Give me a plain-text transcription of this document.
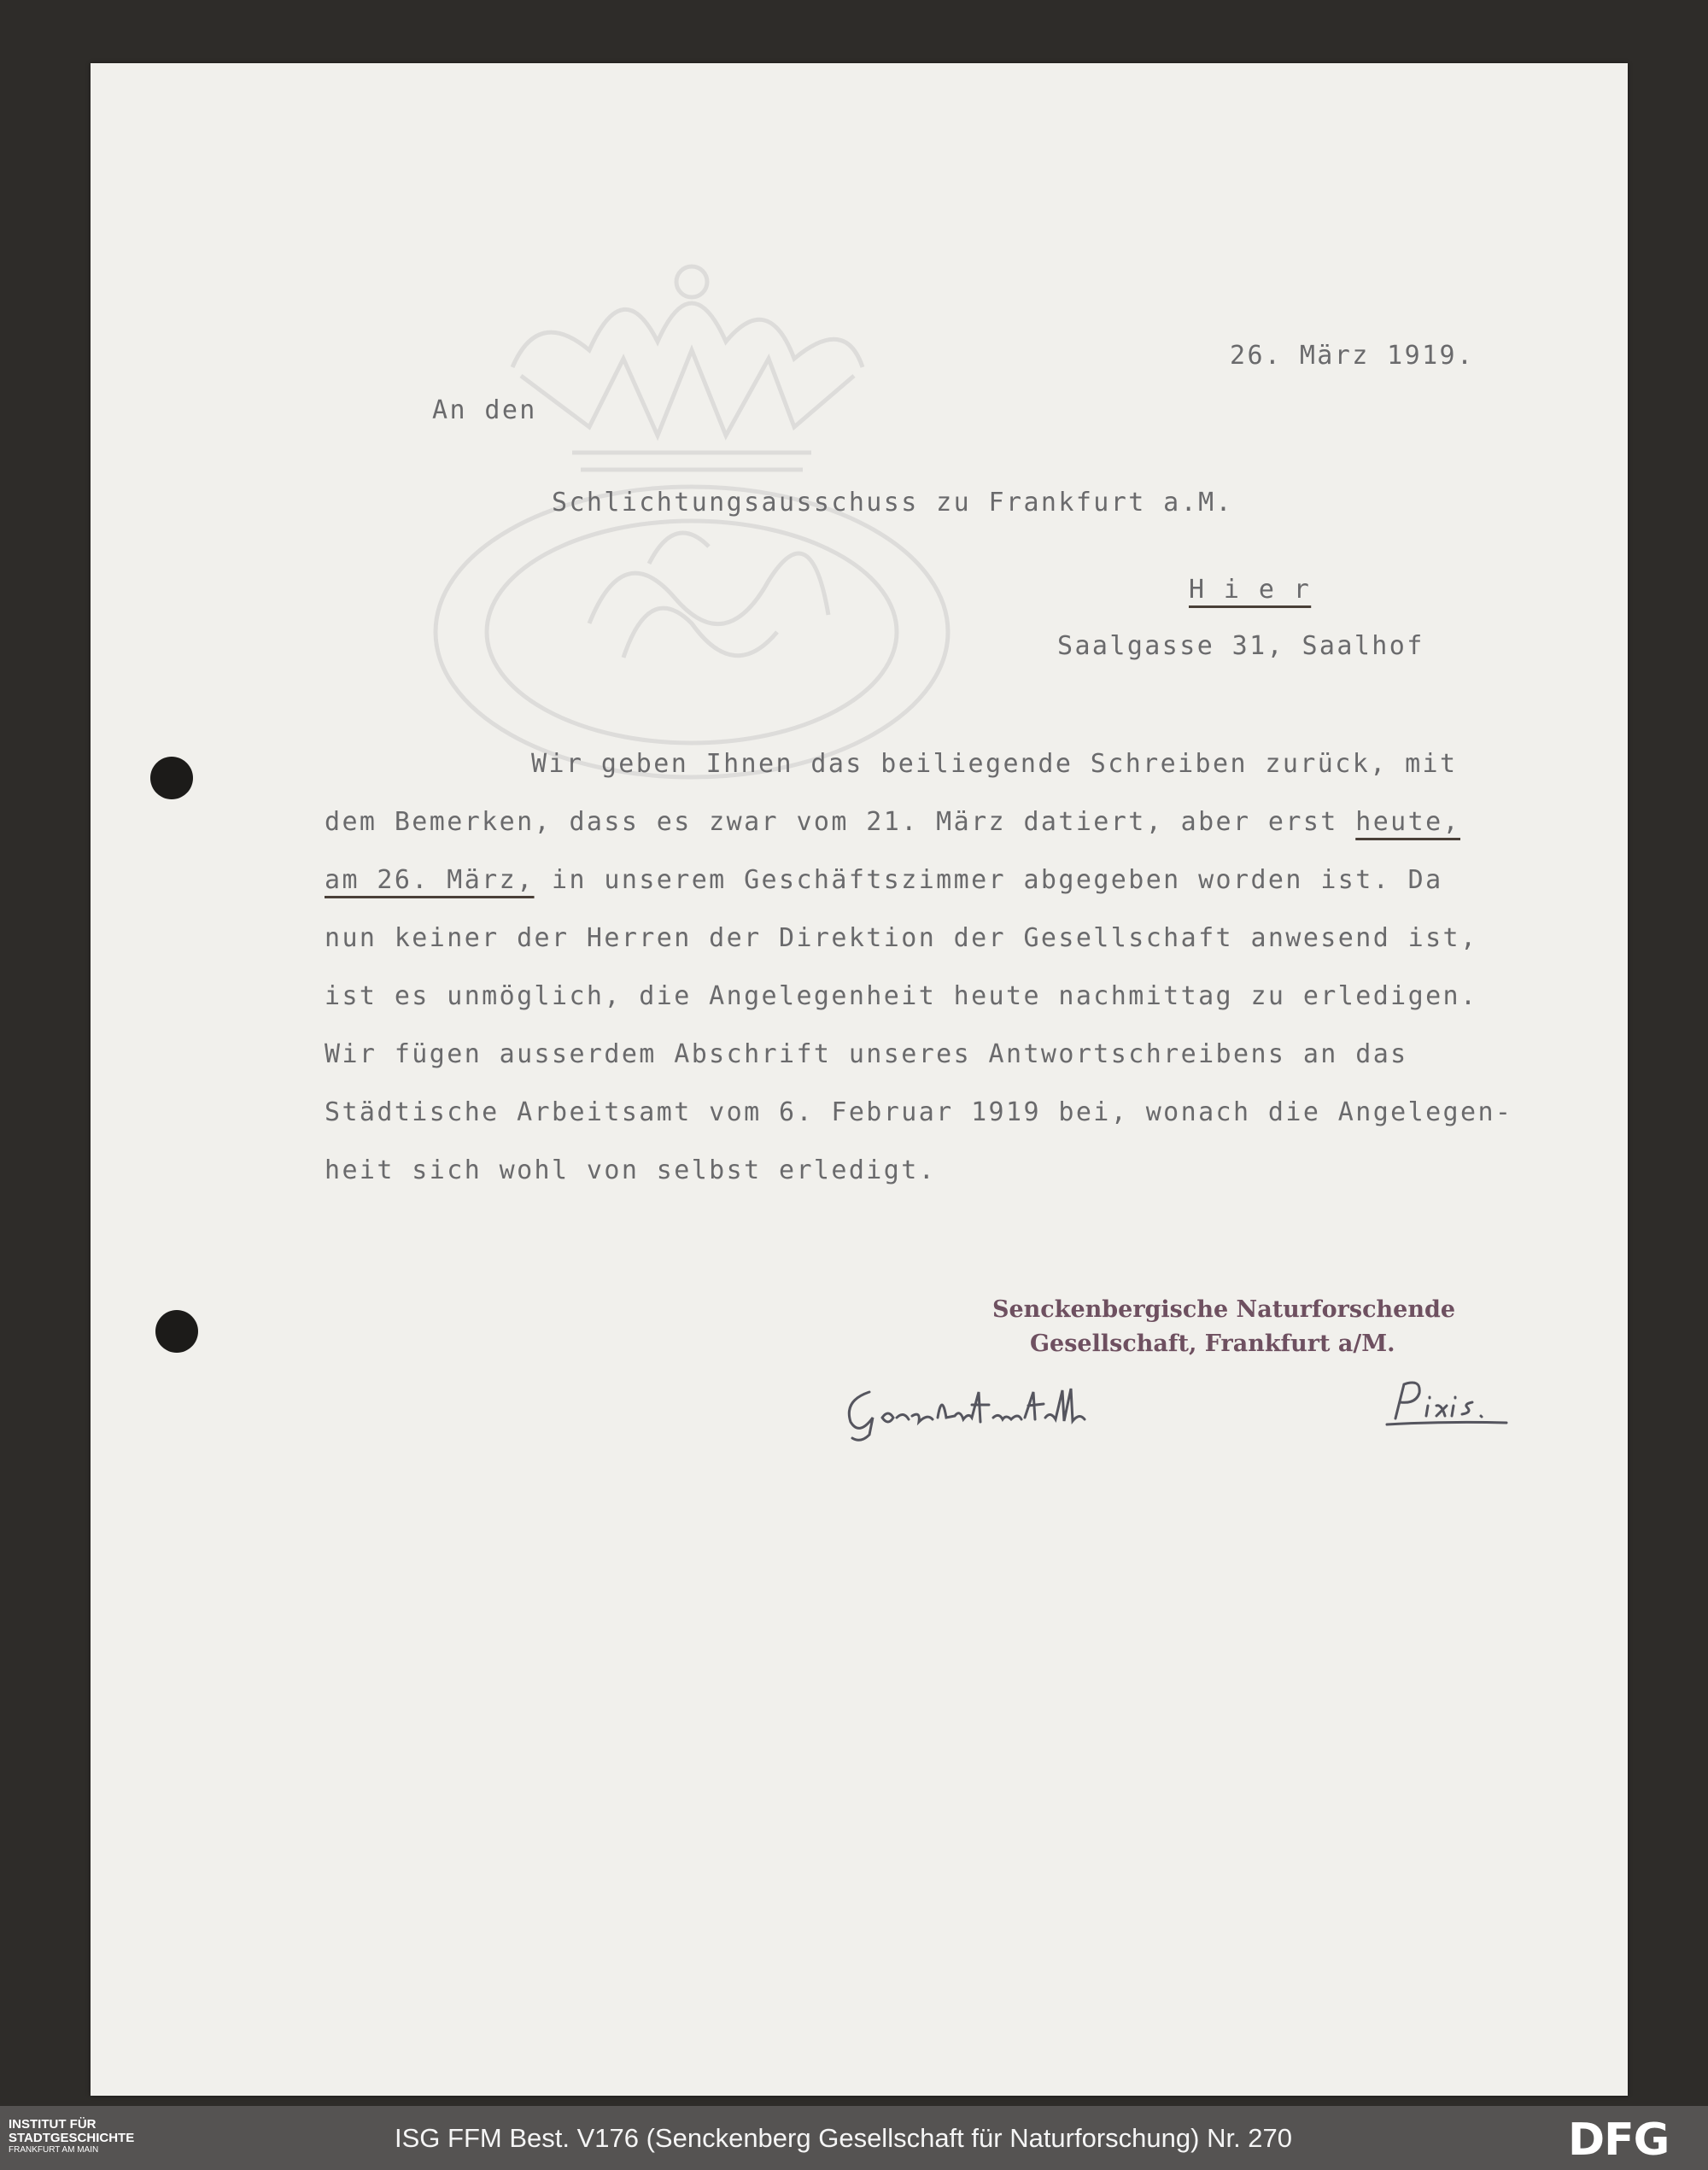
26. März 1919.
An den
Schlichtungsausschuss zu Frankfurt a.M.
H i e r
Saalgasse 31, Saalhof
Wir geben Ihnen das beiliegende Schreiben zurück, mit
dem Bemerken, dass es zwar vom 21. März datiert, aber erst heute,
am 26. März, in unserem Geschäftszimmer abgegeben worden ist. Da
nun keiner der Herren der Direktion der Gesellschaft anwesend ist,
ist es unmöglich, die Angelegenheit heute nachmittag zu erledigen.
Wir fügen ausserdem Abschrift unseres Antwortschreibens an das
Städtische Arbeitsamt vom 6. Februar 1919 bei, wonach die Angelegen-
heit sich wohl von selbst erledigt.
Senckenbergische Naturforschende
Gesellschaft, Frankfurt a/M.
INSTITUT FÜR
STADTGESCHICHTE
FRANKFURT AM MAIN	ISG FFM Best. V176 (Senckenberg Gesellschaft für Naturforschung) Nr. 270	DFG
